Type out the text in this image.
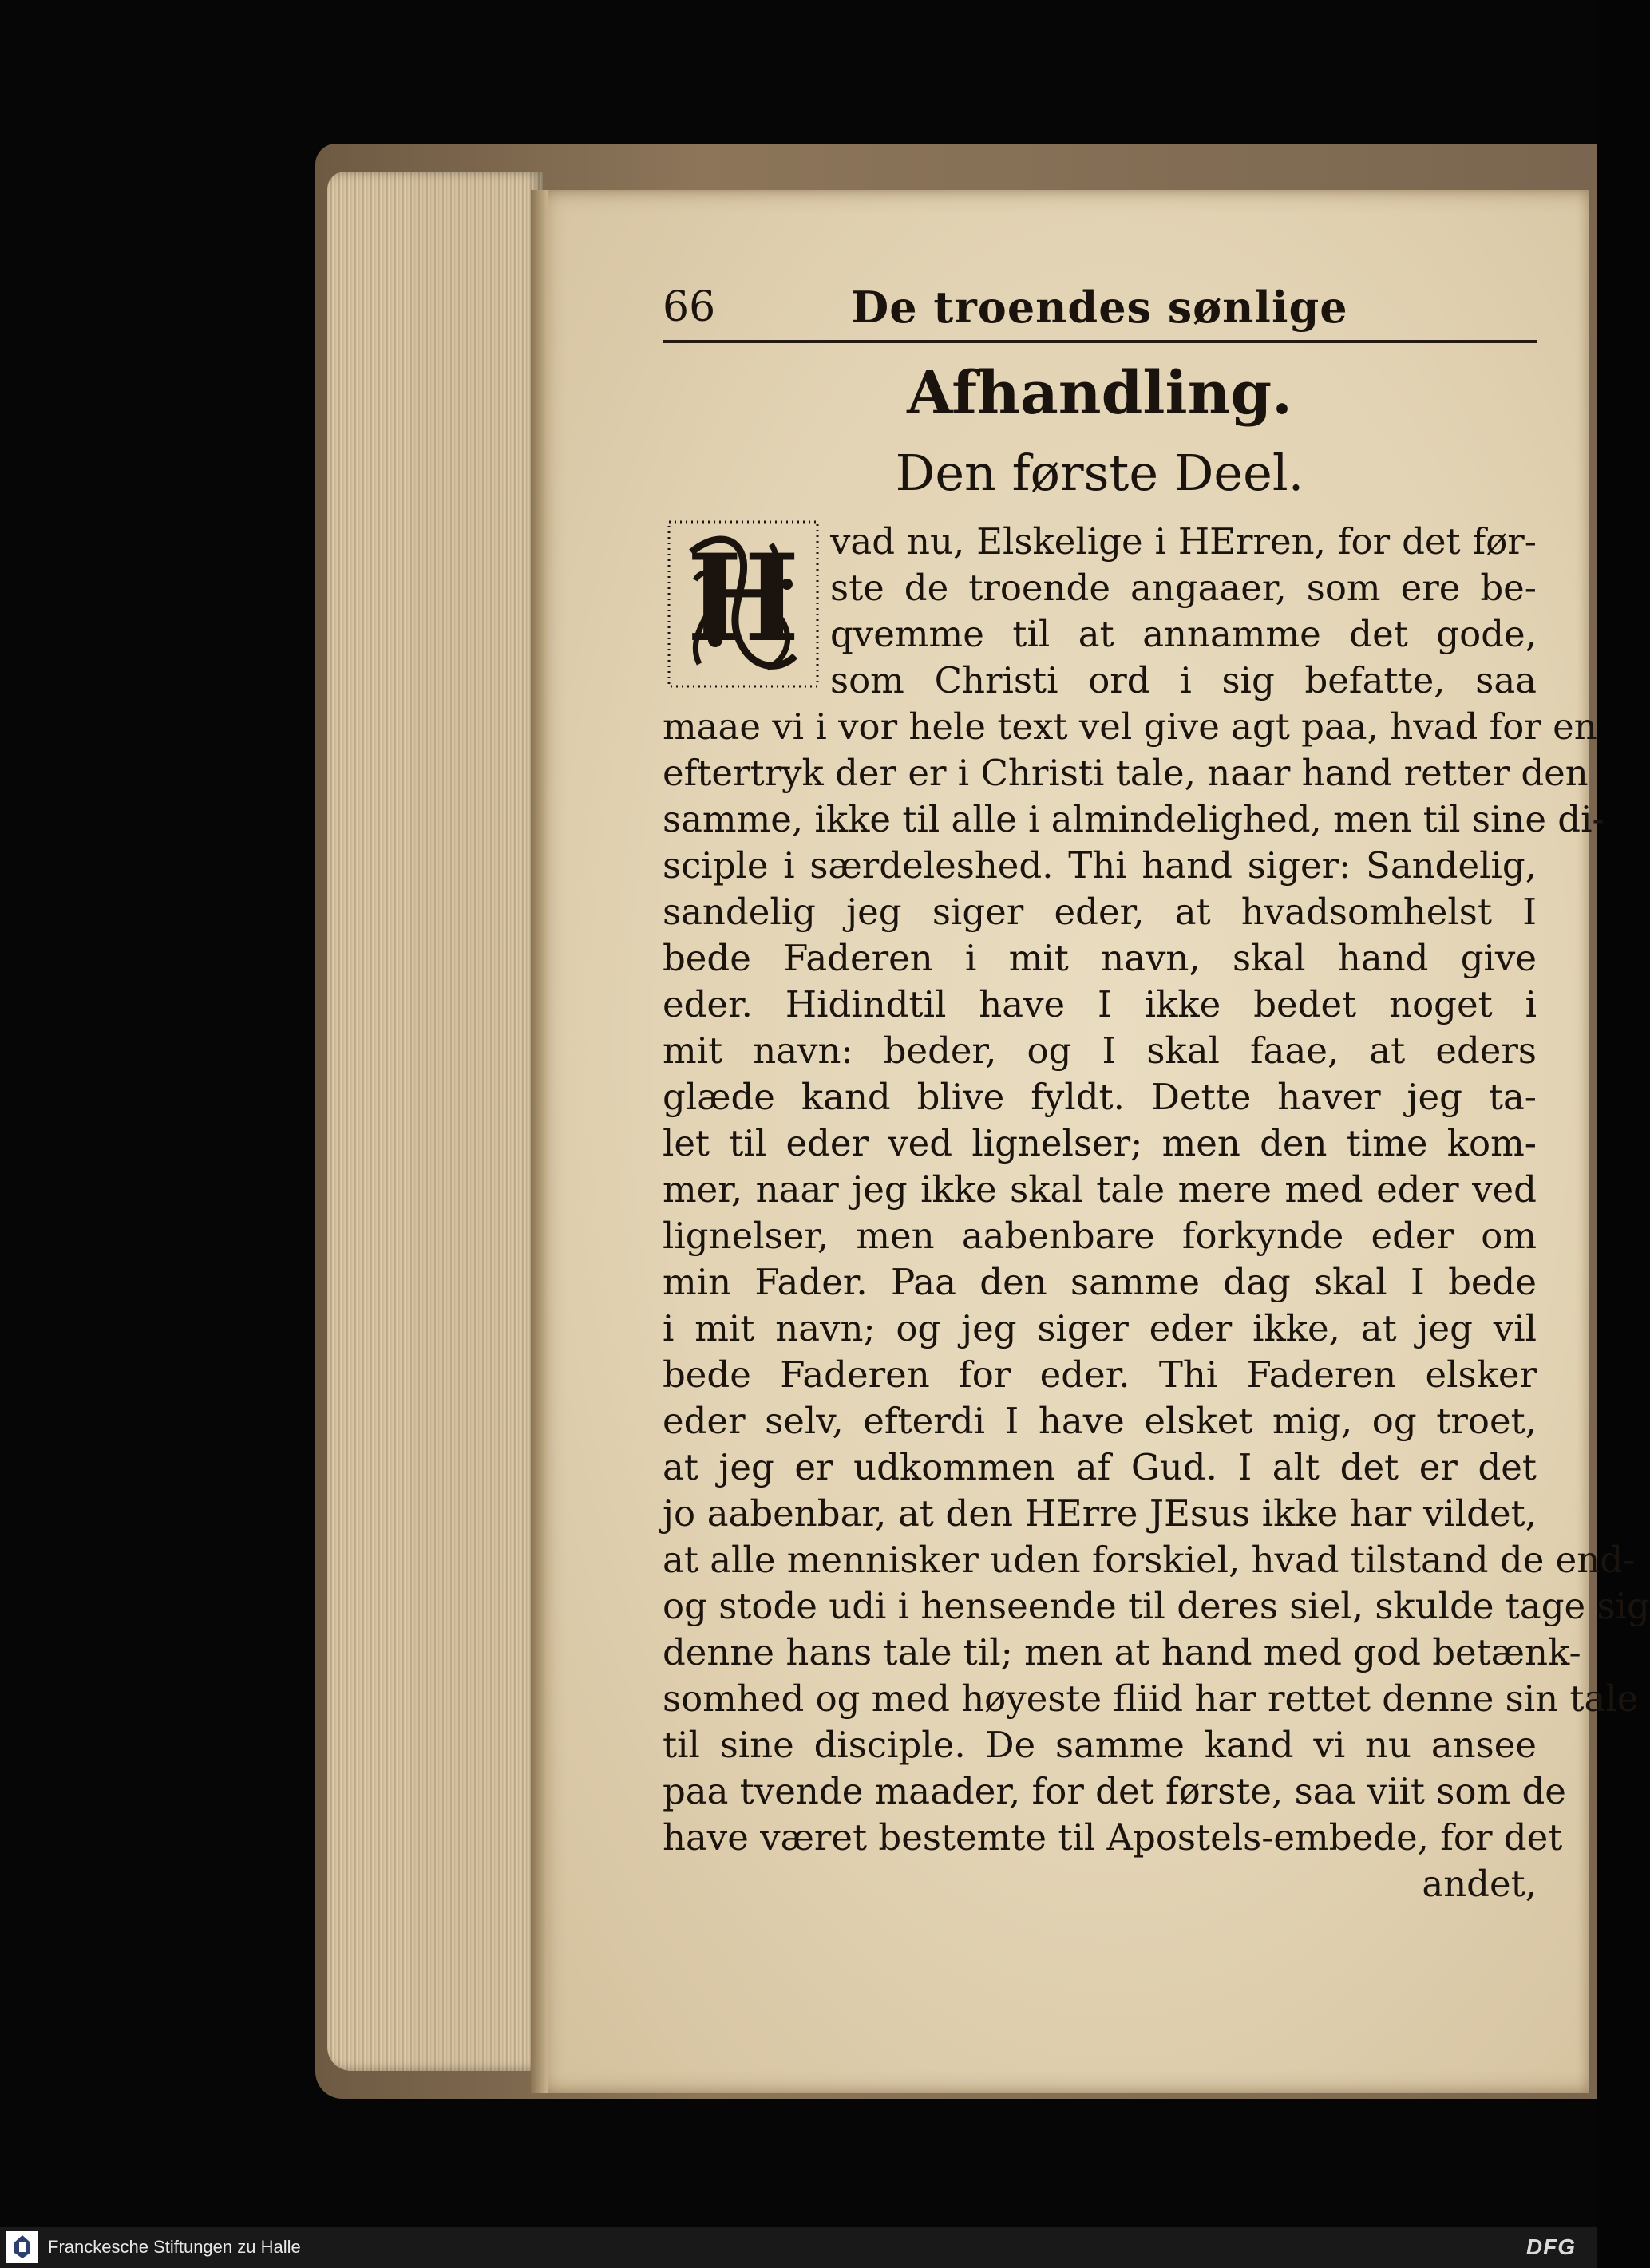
66	De troendes sønlige
Afhandling.
Den første Deel.
H vad nu, Elskelige i HErren, for det før-
ste de troende angaaer, som ere be-
qvemme til at annamme det gode,
som Christi ord i sig befatte, saa
maae vi i vor hele text vel give agt paa, hvad for en
eftertryk der er i Christi tale, naar hand retter den
samme, ikke til alle i almindelighed, men til sine di-
sciple i særdeleshed. Thi hand siger: Sandelig,
sandelig jeg siger eder, at hvadsomhelst I
bede Faderen i mit navn, skal hand give
eder. Hidindtil have I ikke bedet noget i
mit navn: beder, og I skal faae, at eders
glæde kand blive fyldt. Dette haver jeg ta-
let til eder ved lignelser; men den time kom-
mer, naar jeg ikke skal tale mere med eder ved
lignelser, men aabenbare forkynde eder om
min Fader. Paa den samme dag skal I bede
i mit navn; og jeg siger eder ikke, at jeg vil
bede Faderen for eder. Thi Faderen elsker
eder selv, efterdi I have elsket mig, og troet,
at jeg er udkommen af Gud. I alt det er det
jo aabenbar, at den HErre JEsus ikke har vildet,
at alle mennisker uden forskiel, hvad tilstand de end-
og stode udi i henseende til deres siel, skulde tage sig
denne hans tale til; men at hand med god betænk-
somhed og med høyeste fliid har rettet denne sin tale
til sine disciple. De samme kand vi nu ansee
paa tvende maader, for det første, saa viit som de
have været bestemte til Apostels-embede, for det
andet,
Franckesche Stiftungen zu Halle	DFG
